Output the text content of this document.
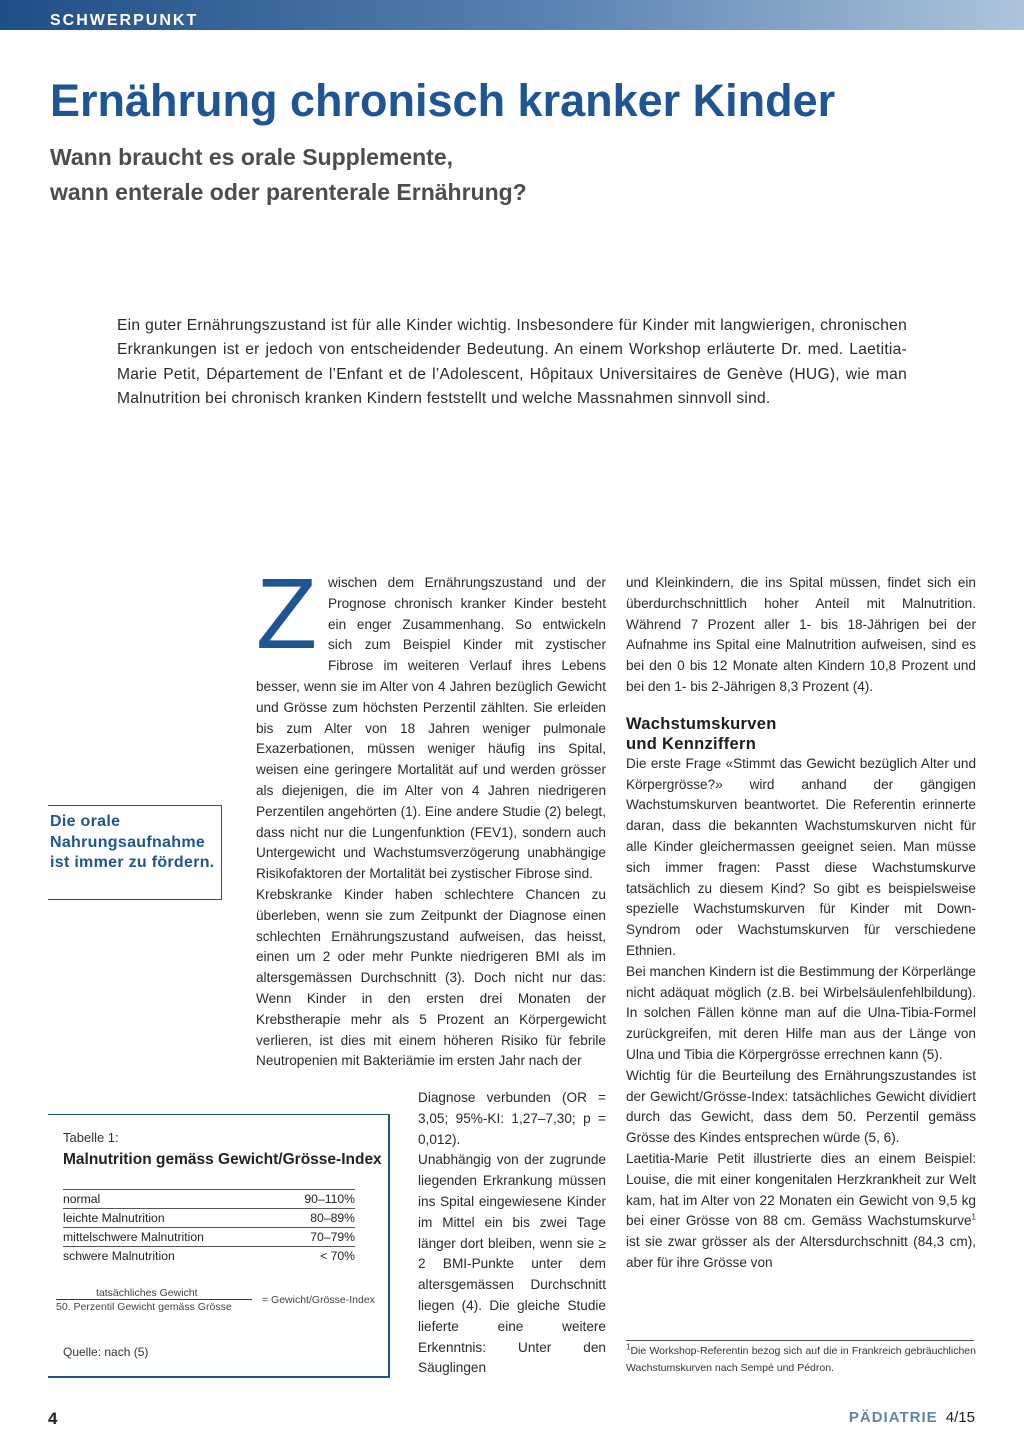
SCHWERPUNKT
Ernährung chronisch kranker Kinder
Wann braucht es orale Supplemente,
wann enterale oder parenterale Ernährung?

Ein guter Ernährungszustand ist für alle Kinder wichtig. Insbesondere für Kinder mit langwierigen, chronischen Erkrankungen ist er jedoch von entscheidender Bedeutung. An einem Workshop erläuterte Dr. med. Laetitia-Marie Petit, Département de l’Enfant et de l’Adolescent, Hôpitaux Universitaires de Genève (HUG), wie man Malnutrition bei chronisch kranken Kindern feststellt und welche Massnahmen sinnvoll sind.

Z wischen dem Ernährungszustand und der Prognose chronisch kranker Kinder besteht ein enger Zusammenhang. So entwickeln sich zum Beispiel Kinder mit zystischer Fibrose im weiteren Verlauf ihres Lebens besser, wenn sie im Alter von 4 Jahren bezüglich Gewicht und Grösse zum höchsten Perzentil zählten. Sie erleiden bis zum Alter von 18 Jahren weniger pulmonale Exazerbationen, müssen weniger häufig ins Spital, weisen eine geringere Mortalität auf und werden grösser als diejenigen, die im Alter von 4 Jahren niedrigeren Perzentilen angehörten (1). Eine andere Studie (2) belegt, dass nicht nur die Lungenfunktion (FEV1), sondern auch Untergewicht und Wachstumsverzögerung unabhängige Risikofaktoren der Mortalität bei zystischer Fibrose sind.

Krebskranke Kinder haben schlechtere Chancen zu überleben, wenn sie zum Zeitpunkt der Diagnose einen schlechten Ernährungszustand aufweisen, das heisst, einen um 2 oder mehr Punkte niedrigeren BMI als im altersgemässen Durchschnitt (3). Doch nicht nur das: Wenn Kinder in den ersten drei Monaten der Krebstherapie mehr als 5 Prozent an Körpergewicht verlieren, ist dies mit einem höheren Risiko für febrile Neutropenien mit Bakteriämie im ersten Jahr nach der

Diagnose verbunden (OR = 3,05; 95%-KI: 1,27–7,30; p = 0,012).

Unabhängig von der zugrunde liegenden Erkrankung müssen ins Spital eingewiesene Kinder im Mittel ein bis zwei Tage länger dort bleiben, wenn sie ≥ 2 BMI-Punkte unter dem altersgemässen Durchschnitt liegen (4). Die gleiche Studie lieferte eine weitere Erkenntnis: Unter den Säuglingen

und Kleinkindern, die ins Spital müssen, findet sich ein überdurchschnittlich hoher Anteil mit Malnutrition. Während 7 Prozent aller 1- bis 18-Jährigen bei der Aufnahme ins Spital eine Malnutrition aufweisen, sind es bei den 0 bis 12 Monate alten Kindern 10,8 Prozent und bei den 1- bis 2-Jährigen 8,3 Prozent (4).

Wachstumskurven
und Kennziffern

Die erste Frage «Stimmt das Gewicht bezüglich Alter und Körpergrösse?» wird anhand der gängigen Wachstumskurven beantwortet. Die Referentin erinnerte daran, dass die bekannten Wachstumskurven nicht für alle Kinder gleichermassen geeignet seien. Man müsse sich immer fragen: Passt diese Wachstumskurve tatsächlich zu diesem Kind? So gibt es beispielsweise spezielle Wachstumskurven für Kinder mit Down-Syndrom oder Wachstumskurven für verschiedene Ethnien.

Bei manchen Kindern ist die Bestimmung der Körperlänge nicht adäquat möglich (z.B. bei Wirbelsäulenfehlbildung). In solchen Fällen könne man auf die Ulna-Tibia-Formel zurückgreifen, mit deren Hilfe man aus der Länge von Ulna und Tibia die Körpergrösse errechnen kann (5).

Wichtig für die Beurteilung des Ernährungszustandes ist der Gewicht/Grösse-Index: tatsächliches Gewicht dividiert durch das Gewicht, dass dem 50. Perzentil gemäss Grösse des Kindes entsprechen würde (5, 6).

Laetitia-Marie Petit illustrierte dies an einem Beispiel: Louise, die mit einer kongenitalen Herzkrankheit zur Welt kam, hat im Alter von 22 Monaten ein Gewicht von 9,5 kg bei einer Grösse von 88 cm. Gemäss Wachstumskurve$^1$ ist sie zwar grösser als der Altersdurchschnitt (84,3 cm), aber für ihre Grösse von

Die orale Nahrungsaufnahme ist immer zu fördern.
Tabelle 1:
Malnutrition gemäss Gewicht/Grösse-Index
normal	90–110%
leichte Malnutrition	80–89%
mittelschwere Malnutrition	70–79%
schwere Malnutrition	< 70%
tatsächliches Gewicht
50. Perzentil Gewicht gemäss Grösse
= Gewicht/Grösse-Index
Quelle: nach (5)	$^1$Die Workshop-Referentin bezog sich auf die in Frankreich gebräuchlichen Wachstumskurven nach Sempé und Pédron.

4	PÄDIATRIE 4/15
